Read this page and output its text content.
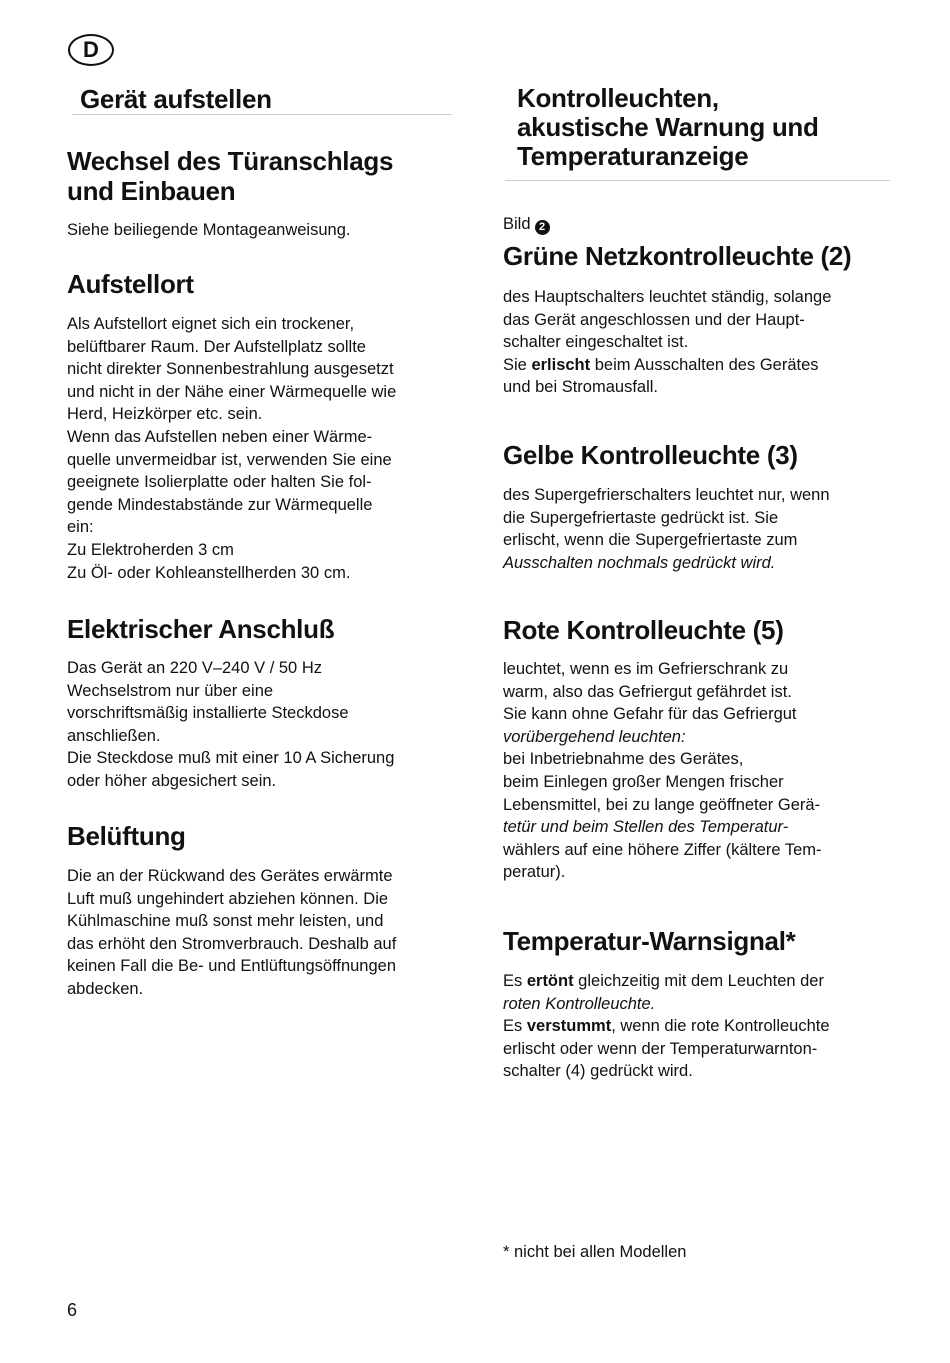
D
Gerät aufstellen
Wechsel des Türanschlags
und Einbauen

Siehe beiliegende Montageanweisung.

Aufstellort

Als Aufstellort eignet sich ein trockener,

belüftbarer Raum. Der Aufstellplatz sollte

nicht direkter Sonnenbestrahlung ausgesetzt

und nicht in der Nähe einer Wärmequelle wie

Herd, Heizkörper etc. sein.

Wenn das Aufstellen neben einer Wärme-

quelle unvermeidbar ist, verwenden Sie eine

geeignete Isolierplatte oder halten Sie fol-

gende Mindestabstände zur Wärmequelle

ein:

Zu Elektroherden 3 cm

Zu Öl- oder Kohleanstellherden 30 cm.

Elektrischer Anschluß

Das Gerät an 220 V–240 V / 50 Hz

Wechselstrom nur über eine

vorschriftsmäßig installierte Steckdose

anschließen.

Die Steckdose muß mit einer 10 A Sicherung

oder höher abgesichert sein.

Belüftung

Die an der Rückwand des Gerätes erwärmte

Luft muß ungehindert abziehen können. Die

Kühlmaschine muß sonst mehr leisten, und

das erhöht den Stromverbrauch. Deshalb auf

keinen Fall die Be- und Entlüftungsöffnungen

abdecken.

Kontrolleuchten,
akustische Warnung und
Temperaturanzeige
Bild 2
Grüne Netzkontrolleuchte (2)

des Hauptschalters leuchtet ständig, solange

das Gerät angeschlossen und der Haupt-

schalter eingeschaltet ist.

Sie erlischt beim Ausschalten des Gerätes

und bei Stromausfall.

Gelbe Kontrolleuchte (3)

des Supergefrierschalters leuchtet nur, wenn

die Supergefriertaste gedrückt ist. Sie

erlischt, wenn die Supergefriertaste zum

Ausschalten nochmals gedrückt wird.

Rote Kontrolleuchte (5)

leuchtet, wenn es im Gefrierschrank zu

warm, also das Gefriergut gefährdet ist.

Sie kann ohne Gefahr für das Gefriergut

vorübergehend leuchten:

bei Inbetriebnahme des Gerätes,

beim Einlegen großer Mengen frischer

Lebensmittel, bei zu lange geöffneter Gerä-

tetür und beim Stellen des Temperatur-

wählers auf eine höhere Ziffer (kältere Tem-

peratur).

Temperatur-Warnsignal*

Es ertönt gleichzeitig mit dem Leuchten der

roten Kontrolleuchte.

Es verstummt, wenn die rote Kontrolleuchte

erlischt oder wenn der Temperaturwarnton-

schalter (4) gedrückt wird.

* nicht bei allen Modellen
6
